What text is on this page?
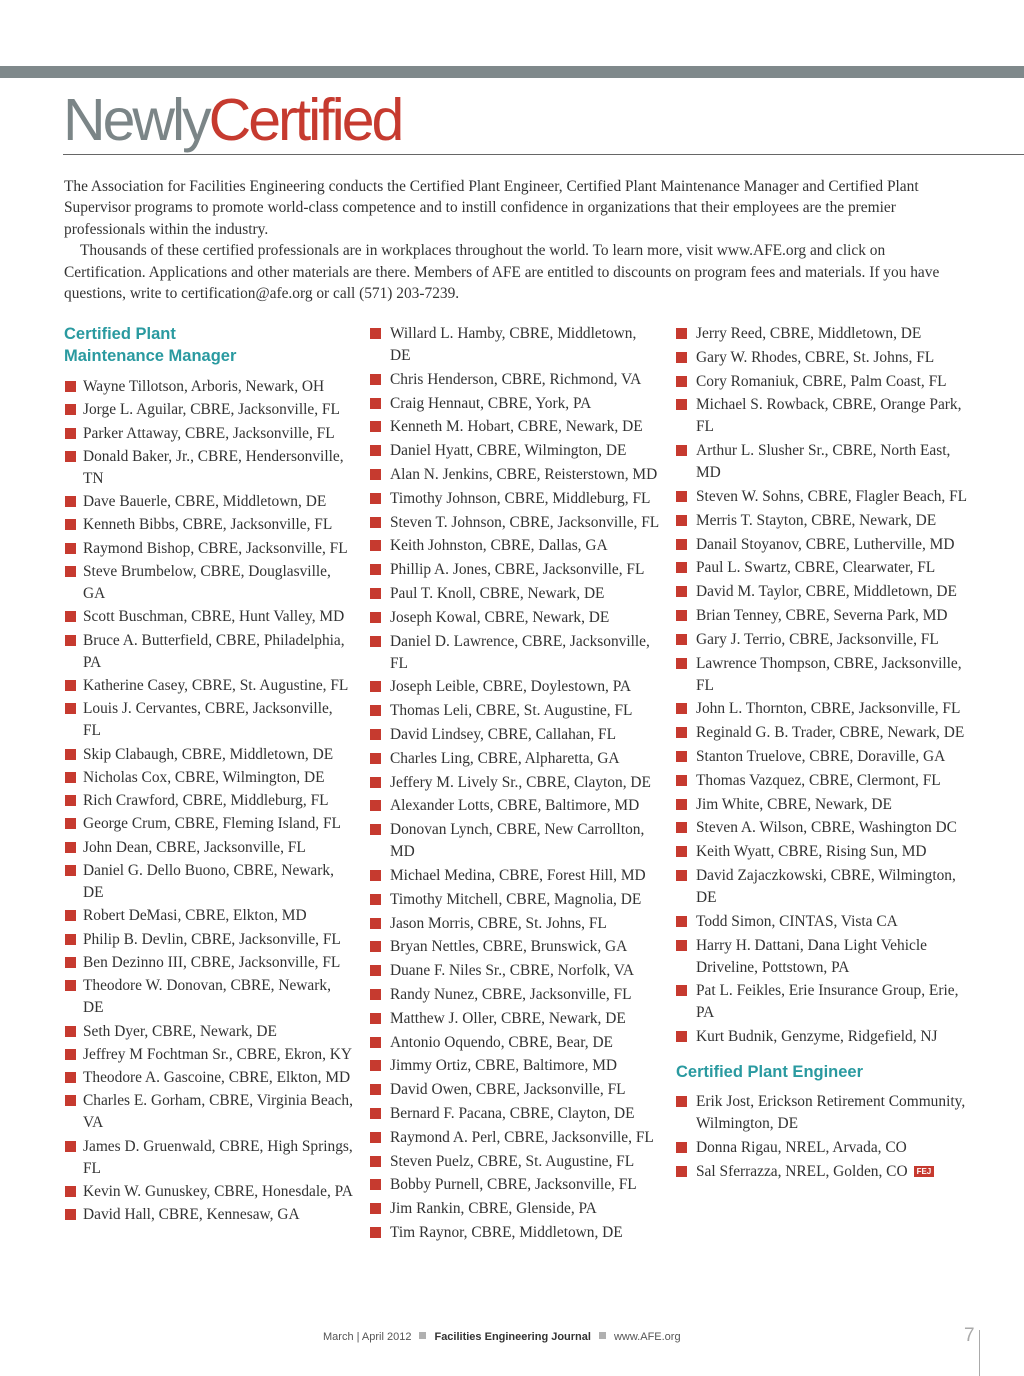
NewlyCertified

The Association for Facilities Engineering conducts the Certified Plant Engineer, Certified Plant Maintenance Manager and Certified Plant Supervisor programs to promote world-class competence and to instill confidence in organizations that their employees are the premier professionals within the industry.

Thousands of these certified professionals are in workplaces throughout the world. To learn more, visit www.AFE.org and click on Certification. Applications and other materials are there. Members of AFE are entitled to discounts on program fees and materials. If you have questions, write to certification@afe.org or call (571) 203-7239.

Certified Plant
Maintenance Manager
Wayne Tillotson, Arboris, Newark, OH
Jorge L. Aguilar, CBRE, Jacksonville, FL
Parker Attaway, CBRE, Jacksonville, FL
Donald Baker, Jr., CBRE, Hendersonville, TN
Dave Bauerle, CBRE, Middletown, DE
Kenneth Bibbs, CBRE, Jacksonville, FL
Raymond Bishop, CBRE, Jacksonville, FL
Steve Brumbelow, CBRE, Douglasville, GA
Scott Buschman, CBRE, Hunt Valley, MD
Bruce A. Butterfield, CBRE, Philadelphia, PA
Katherine Casey, CBRE, St. Augustine, FL
Louis J. Cervantes, CBRE, Jacksonville, FL
Skip Clabaugh, CBRE, Middletown, DE
Nicholas Cox, CBRE, Wilmington, DE
Rich Crawford, CBRE, Middleburg, FL
George Crum, CBRE, Fleming Island, FL
John Dean, CBRE, Jacksonville, FL
Daniel G. Dello Buono, CBRE, Newark, DE
Robert DeMasi, CBRE, Elkton, MD
Philip B. Devlin, CBRE, Jacksonville, FL
Ben Dezinno III, CBRE, Jacksonville, FL
Theodore W. Donovan, CBRE, Newark, DE
Seth Dyer, CBRE, Newark, DE
Jeffrey M Fochtman Sr., CBRE, Ekron, KY
Theodore A. Gascoine, CBRE, Elkton, MD
Charles E. Gorham, CBRE, Virginia Beach, VA
James D. Gruenwald, CBRE, High Springs, FL
Kevin W. Gunuskey, CBRE, Honesdale, PA
David Hall, CBRE, Kennesaw, GA
Willard L. Hamby, CBRE, Middletown, DE
Chris Henderson, CBRE, Richmond, VA
Craig Hennaut, CBRE, York, PA
Kenneth M. Hobart, CBRE, Newark, DE
Daniel Hyatt, CBRE, Wilmington, DE
Alan N. Jenkins, CBRE, Reisterstown, MD
Timothy Johnson, CBRE, Middleburg, FL
Steven T. Johnson, CBRE, Jacksonville, FL
Keith Johnston, CBRE, Dallas, GA
Phillip A. Jones, CBRE, Jacksonville, FL
Paul T. Knoll, CBRE, Newark, DE
Joseph Kowal, CBRE, Newark, DE
Daniel D. Lawrence, CBRE, Jacksonville, FL
Joseph Leible, CBRE, Doylestown, PA
Thomas Leli, CBRE, St. Augustine, FL
David Lindsey, CBRE, Callahan, FL
Charles Ling, CBRE, Alpharetta, GA
Jeffery M. Lively Sr., CBRE, Clayton, DE
Alexander Lotts, CBRE, Baltimore, MD
Donovan Lynch, CBRE, New Carrollton, MD
Michael Medina, CBRE, Forest Hill, MD
Timothy Mitchell, CBRE, Magnolia, DE
Jason Morris, CBRE, St. Johns, FL
Bryan Nettles, CBRE, Brunswick, GA
Duane F. Niles Sr., CBRE, Norfolk, VA
Randy Nunez, CBRE, Jacksonville, FL
Matthew J. Oller, CBRE, Newark, DE
Antonio Oquendo, CBRE, Bear, DE
Jimmy Ortiz, CBRE, Baltimore, MD
David Owen, CBRE, Jacksonville, FL
Bernard F. Pacana, CBRE, Clayton, DE
Raymond A. Perl, CBRE, Jacksonville, FL
Steven Puelz, CBRE, St. Augustine, FL
Bobby Purnell, CBRE, Jacksonville, FL
Jim Rankin, CBRE, Glenside, PA
Tim Raynor, CBRE, Middletown, DE
Jerry Reed, CBRE, Middletown, DE
Gary W. Rhodes, CBRE, St. Johns, FL
Cory Romaniuk, CBRE, Palm Coast, FL
Michael S. Rowback, CBRE, Orange Park, FL
Arthur L. Slusher Sr., CBRE, North East, MD
Steven W. Sohns, CBRE, Flagler Beach, FL
Merris T. Stayton, CBRE, Newark, DE
Danail Stoyanov, CBRE, Lutherville, MD
Paul L. Swartz, CBRE, Clearwater, FL
David M. Taylor, CBRE, Middletown, DE
Brian Tenney, CBRE, Severna Park, MD
Gary J. Terrio, CBRE, Jacksonville, FL
Lawrence Thompson, CBRE, Jacksonville, FL
John L. Thornton, CBRE, Jacksonville, FL
Reginald G. B. Trader, CBRE, Newark, DE
Stanton Truelove, CBRE, Doraville, GA
Thomas Vazquez, CBRE, Clermont, FL
Jim White, CBRE, Newark, DE
Steven A. Wilson, CBRE, Washington DC
Keith Wyatt, CBRE, Rising Sun, MD
David Zajaczkowski, CBRE, Wilmington, DE
Todd Simon, CINTAS, Vista CA
Harry H. Dattani, Dana Light Vehicle Driveline, Pottstown, PA
Pat L. Feikles, Erie Insurance Group, Erie, PA
Kurt Budnik, Genzyme, Ridgefield, NJ
Certified Plant Engineer
Erik Jost, Erickson Retirement Community, Wilmington, DE
Donna Rigau, NREL, Arvada, CO
Sal Sferrazza, NREL, Golden, CO FEJ
March | April 2012 Facilities Engineering Journal www.AFE.org	7
